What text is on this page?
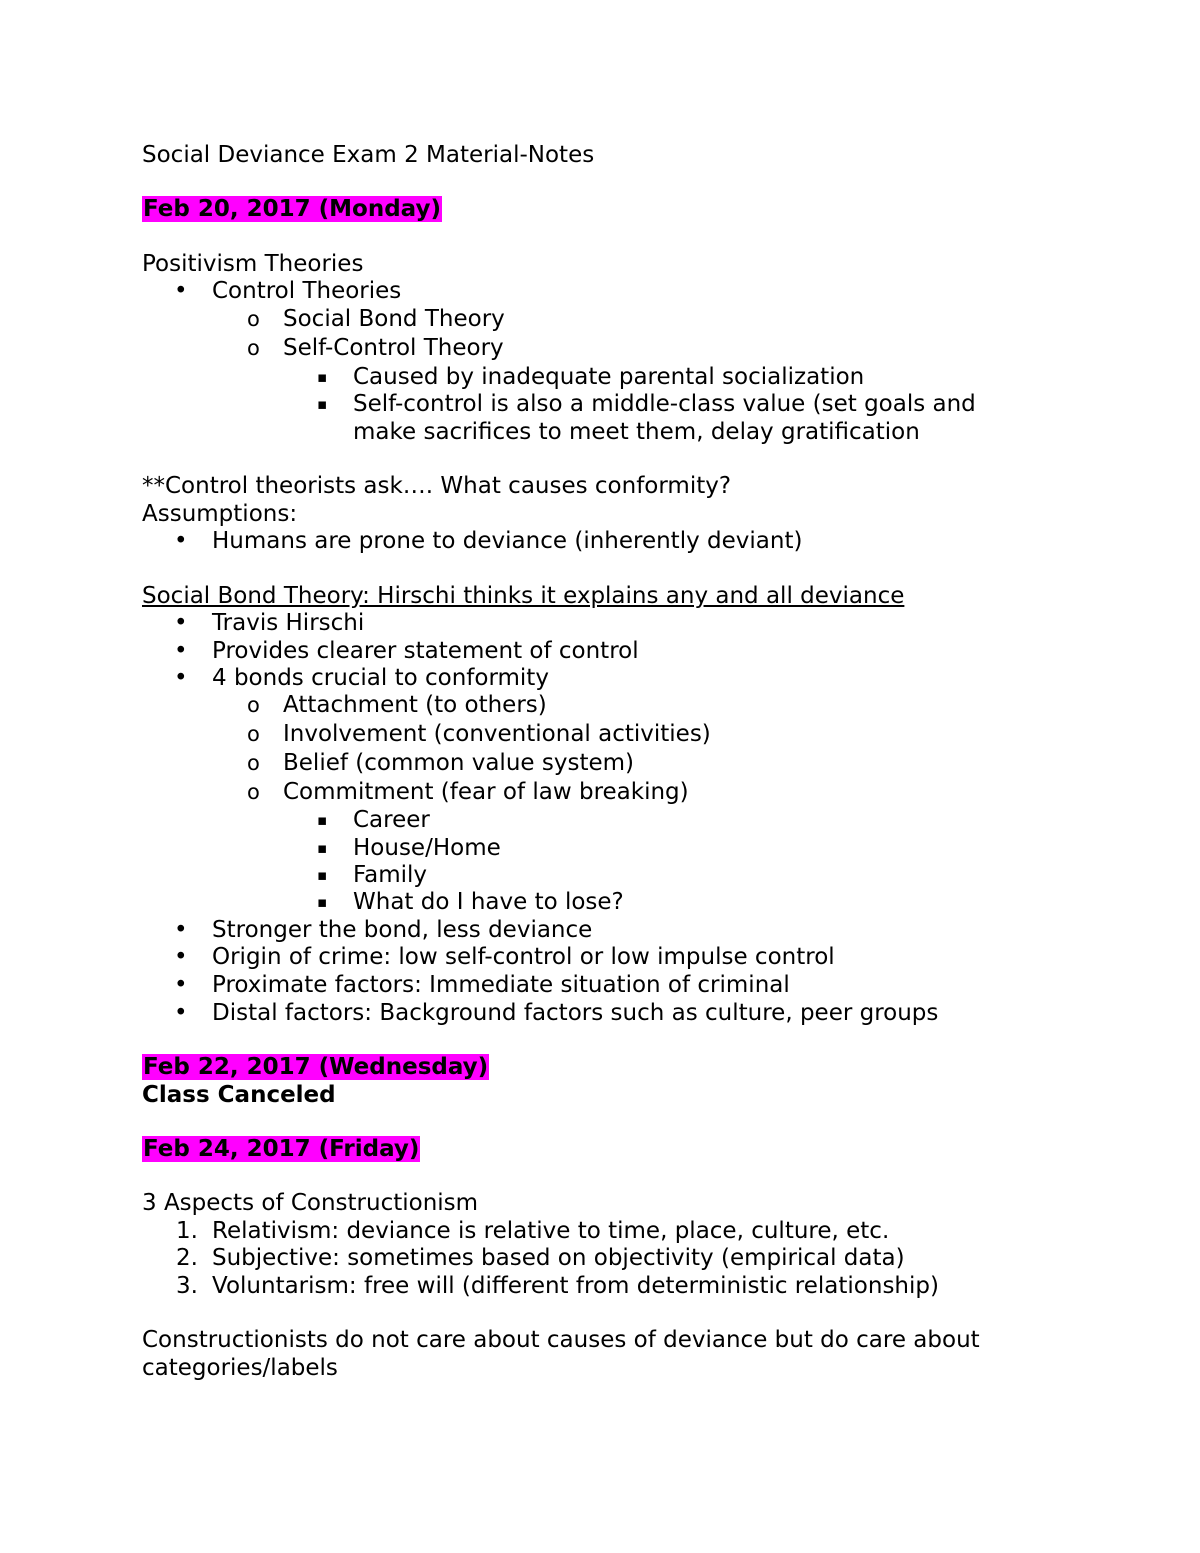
Social Deviance Exam 2 Material-Notes
Feb 20, 2017 (Monday)
Positivism Theories
• Control Theories
o Social Bond Theory
o Self-Control Theory
▪ Caused by inadequate parental socialization
▪ Self-control is also a middle-class value (set goals and
make sacrifices to meet them, delay gratification
**Control theorists ask…. What causes conformity?
Assumptions:
• Humans are prone to deviance (inherently deviant)
Social Bond Theory: Hirschi thinks it explains any and all deviance
• Travis Hirschi
• Provides clearer statement of control
• 4 bonds crucial to conformity
o Attachment (to others)
o Involvement (conventional activities)
o Belief (common value system)
o Commitment (fear of law breaking)
▪ Career
▪ House/Home
▪ Family
▪ What do I have to lose?
• Stronger the bond, less deviance
• Origin of crime: low self-control or low impulse control
• Proximate factors: Immediate situation of criminal
• Distal factors: Background factors such as culture, peer groups
Feb 22, 2017 (Wednesday)
Class Canceled
Feb 24, 2017 (Friday)
3 Aspects of Constructionism
1. Relativism: deviance is relative to time, place, culture, etc.
2. Subjective: sometimes based on objectivity (empirical data)
3. Voluntarism: free will (different from deterministic relationship)
Constructionists do not care about causes of deviance but do care about
categories/labels
